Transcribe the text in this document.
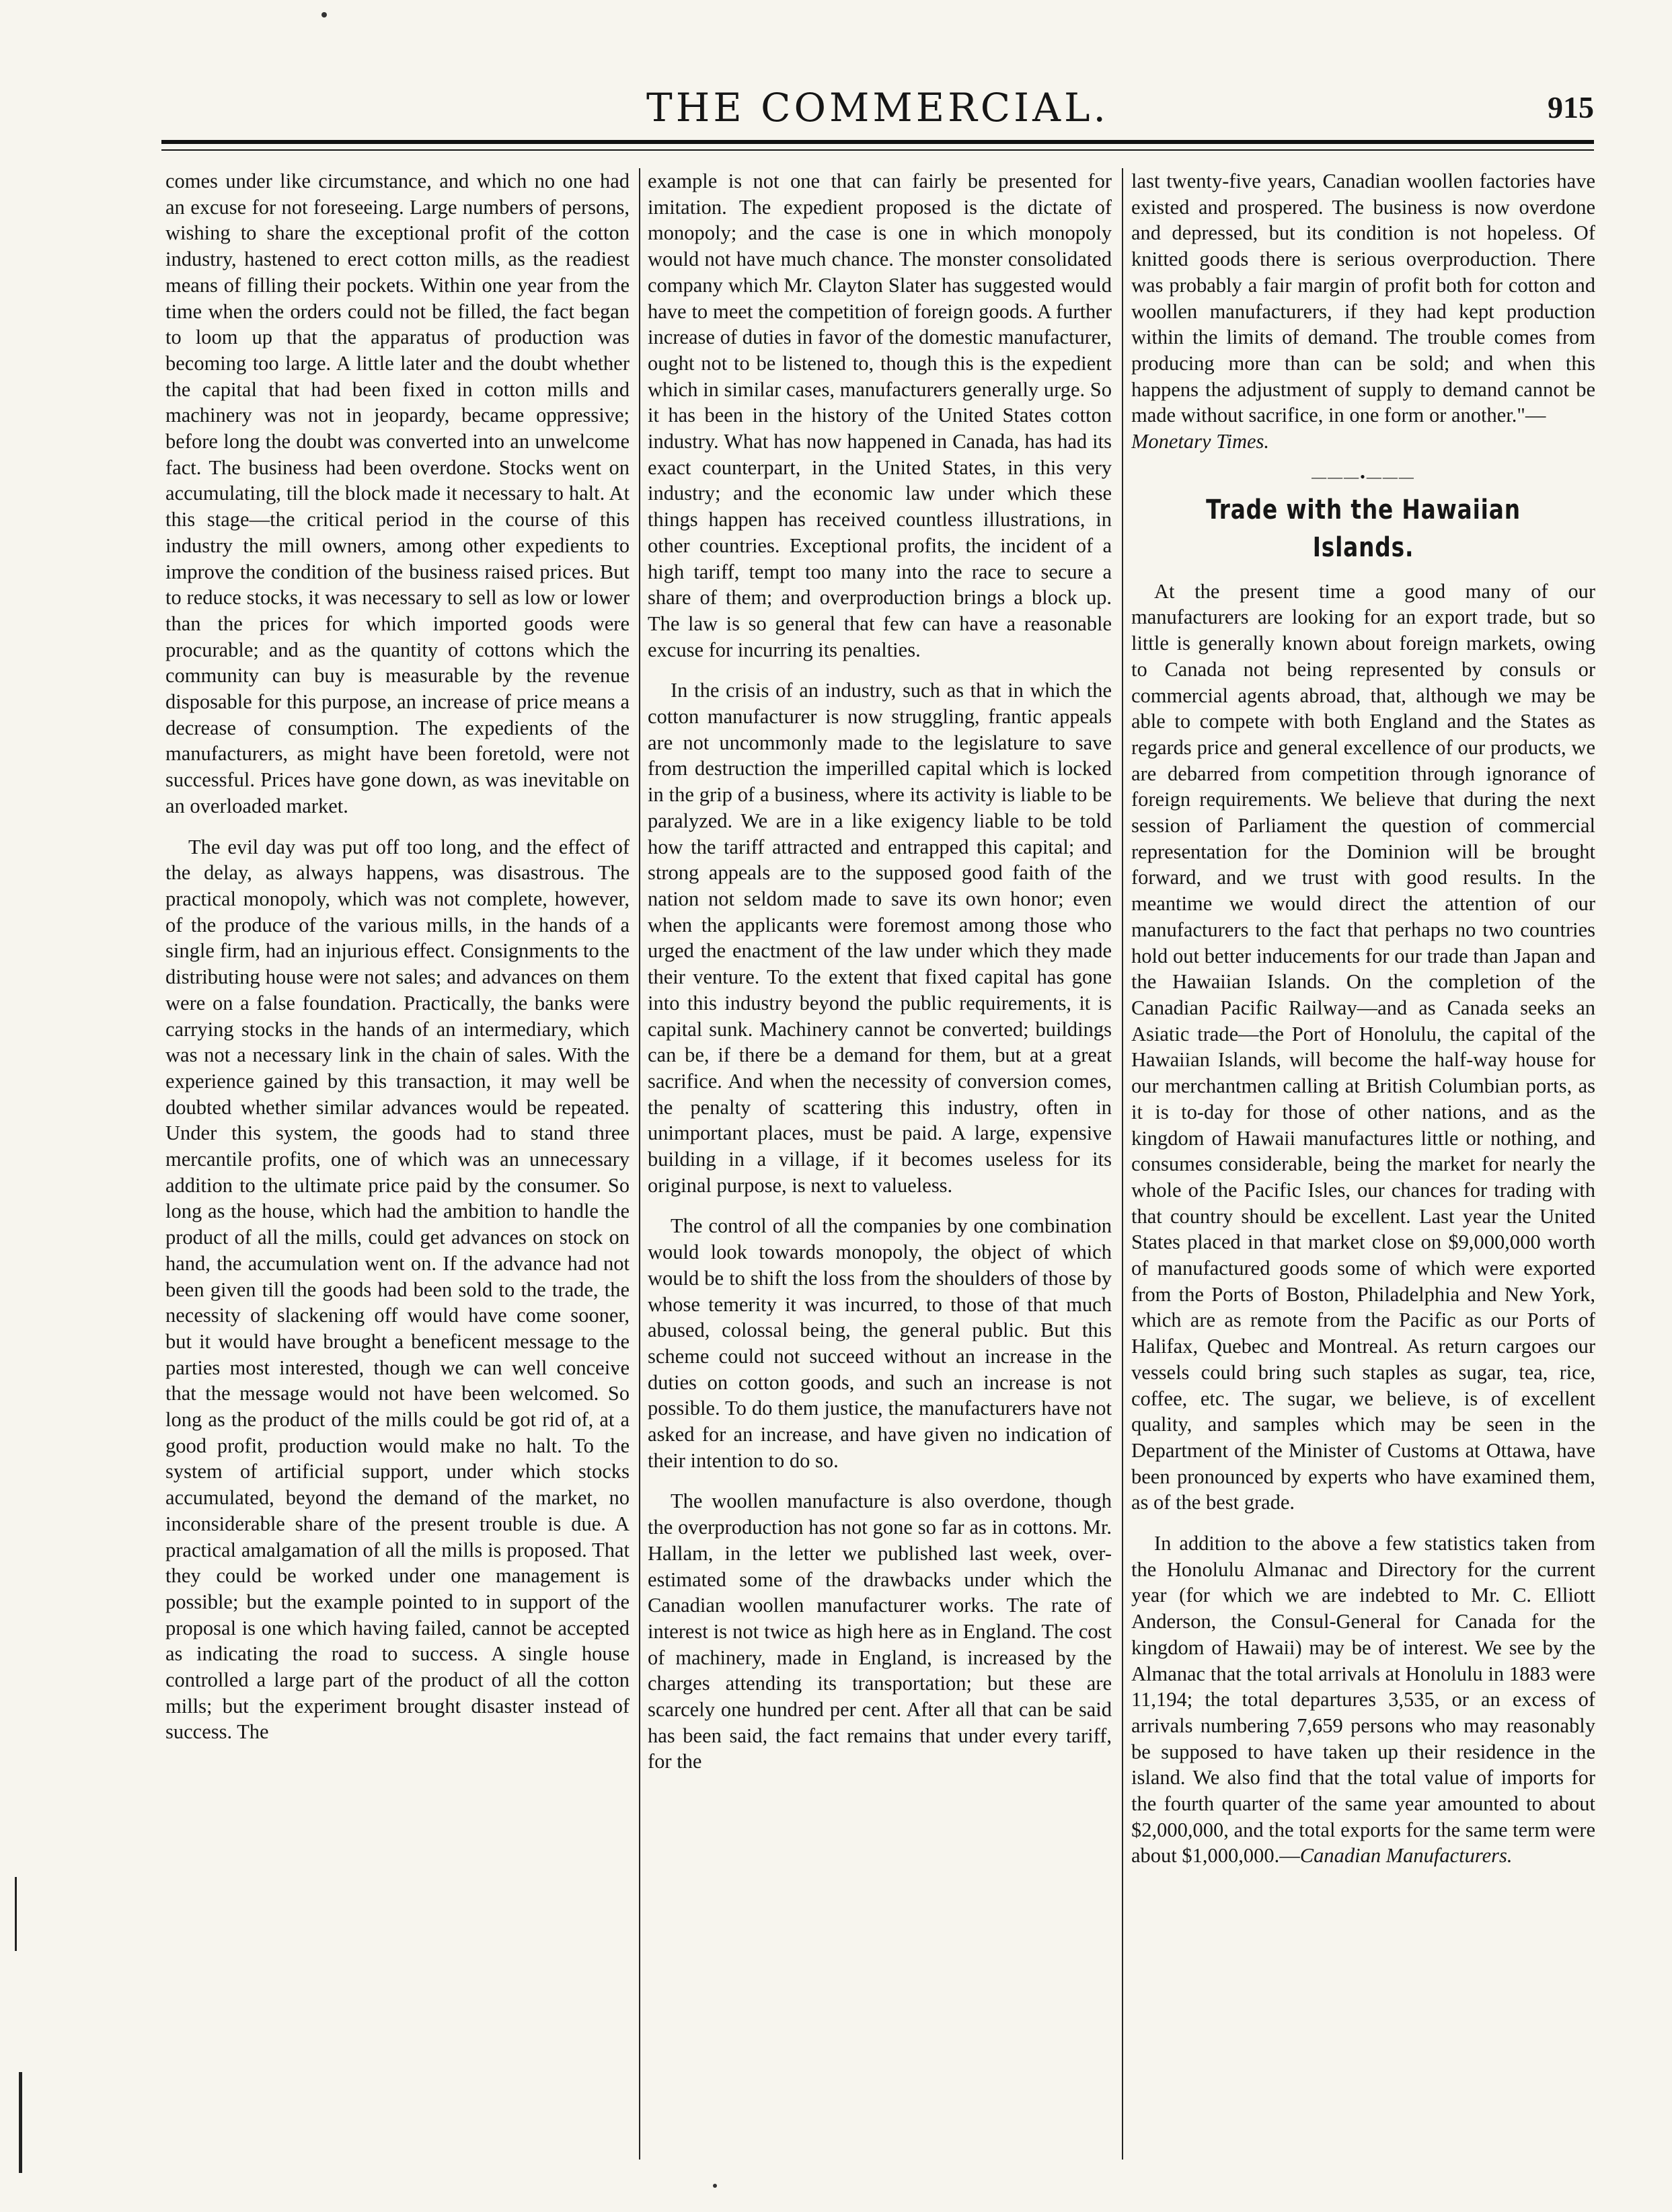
THE COMMERCIAL.	915

comes under like circumstance, and which no one had an excuse for not foreseeing. Large numbers of persons, wishing to share the exceptional profit of the cotton industry, hastened to erect cotton mills, as the readiest means of filling their pockets. Within one year from the time when the orders could not be filled, the fact began to loom up that the apparatus of production was becoming too large. A little later and the doubt whether the capital that had been fixed in cotton mills and machinery was not in jeopardy, became oppressive; before long the doubt was converted into an unwelcome fact. The business had been overdone. Stocks went on accumulating, till the block made it necessary to halt. At this stage—the critical period in the course of this industry the mill owners, among other expedients to improve the condition of the business raised prices. But to reduce stocks, it was necessary to sell as low or lower than the prices for which imported goods were procurable; and as the quantity of cottons which the community can buy is measurable by the revenue disposable for this purpose, an increase of price means a decrease of consumption. The expedients of the manufacturers, as might have been foretold, were not successful. Prices have gone down, as was inevitable on an overloaded market.

The evil day was put off too long, and the effect of the delay, as always happens, was disastrous. The practical monopoly, which was not complete, however, of the produce of the various mills, in the hands of a single firm, had an injurious effect. Consignments to the distributing house were not sales; and advances on them were on a false foundation. Practically, the banks were carrying stocks in the hands of an intermediary, which was not a necessary link in the chain of sales. With the experience gained by this transaction, it may well be doubted whether similar advances would be repeated. Under this system, the goods had to stand three mercantile profits, one of which was an unnecessary addition to the ultimate price paid by the consumer. So long as the house, which had the ambition to handle the product of all the mills, could get advances on stock on hand, the accumulation went on. If the advance had not been given till the goods had been sold to the trade, the necessity of slackening off would have come sooner, but it would have brought a beneficent message to the parties most interested, though we can well conceive that the message would not have been welcomed. So long as the product of the mills could be got rid of, at a good profit, production would make no halt. To the system of artificial support, under which stocks accumulated, beyond the demand of the market, no inconsiderable share of the present trouble is due. A practical amalgamation of all the mills is proposed. That they could be worked under one management is possible; but the example pointed to in support of the proposal is one which having failed, cannot be accepted as indicating the road to success. A single house controlled a large part of the product of all the cotton mills; but the experiment brought disaster instead of success. The

example is not one that can fairly be presented for imitation. The expedient proposed is the dictate of monopoly; and the case is one in which monopoly would not have much chance. The monster consolidated company which Mr. Clayton Slater has suggested would have to meet the competition of foreign goods. A further increase of duties in favor of the domestic manufacturer, ought not to be listened to, though this is the expedient which in similar cases, manufacturers generally urge. So it has been in the history of the United States cotton industry. What has now happened in Canada, has had its exact counterpart, in the United States, in this very industry; and the economic law under which these things happen has received countless illustrations, in other countries. Exceptional profits, the incident of a high tariff, tempt too many into the race to secure a share of them; and overproduction brings a block up. The law is so general that few can have a reasonable excuse for incurring its penalties.

In the crisis of an industry, such as that in which the cotton manufacturer is now struggling, frantic appeals are not uncommonly made to the legislature to save from destruction the imperilled capital which is locked in the grip of a business, where its activity is liable to be paralyzed. We are in a like exigency liable to be told how the tariff attracted and entrapped this capital; and strong appeals are to the supposed good faith of the nation not seldom made to save its own honor; even when the applicants were foremost among those who urged the enactment of the law under which they made their venture. To the extent that fixed capital has gone into this industry beyond the public requirements, it is capital sunk. Machinery cannot be converted; buildings can be, if there be a demand for them, but at a great sacrifice. And when the necessity of conversion comes, the penalty of scattering this industry, often in unimportant places, must be paid. A large, expensive building in a village, if it becomes useless for its original purpose, is next to valueless.

The control of all the companies by one combination would look towards monopoly, the object of which would be to shift the loss from the shoulders of those by whose temerity it was incurred, to those of that much abused, colossal being, the general public. But this scheme could not succeed without an increase in the duties on cotton goods, and such an increase is not possible. To do them justice, the manufacturers have not asked for an increase, and have given no indication of their intention to do so.

The woollen manufacture is also overdone, though the overproduction has not gone so far as in cottons. Mr. Hallam, in the letter we published last week, over-estimated some of the drawbacks under which the Canadian woollen manufacturer works. The rate of interest is not twice as high here as in England. The cost of machinery, made in England, is increased by the charges attending its transportation; but these are scarcely one hundred per cent. After all that can be said has been said, the fact remains that under every tariff, for the

last twenty-five years, Canadian woollen factories have existed and prospered. The business is now overdone and depressed, but its condition is not hopeless. Of knitted goods there is serious overproduction. There was probably a fair margin of profit both for cotton and woollen manufacturers, if they had kept production within the limits of demand. The trouble comes from producing more than can be sold; and when this happens the adjustment of supply to demand cannot be made without sacrifice, in one form or another."—
Monetary Times.

———•———
Trade with the Hawaiian Islands.

At the present time a good many of our manufacturers are looking for an export trade, but so little is generally known about foreign markets, owing to Canada not being represented by consuls or commercial agents abroad, that, although we may be able to compete with both England and the States as regards price and general excellence of our products, we are debarred from competition through ignorance of foreign requirements. We believe that during the next session of Parliament the question of commercial representation for the Dominion will be brought forward, and we trust with good results. In the meantime we would direct the attention of our manufacturers to the fact that perhaps no two countries hold out better inducements for our trade than Japan and the Hawaiian Islands. On the completion of the Canadian Pacific Railway—and as Canada seeks an Asiatic trade—the Port of Honolulu, the capital of the Hawaiian Islands, will become the half-way house for our merchantmen calling at British Columbian ports, as it is to-day for those of other nations, and as the kingdom of Hawaii manufactures little or nothing, and consumes considerable, being the market for nearly the whole of the Pacific Isles, our chances for trading with that country should be excellent. Last year the United States placed in that market close on $9,000,000 worth of manufactured goods some of which were exported from the Ports of Boston, Philadelphia and New York, which are as remote from the Pacific as our Ports of Halifax, Quebec and Montreal. As return cargoes our vessels could bring such staples as sugar, tea, rice, coffee, etc. The sugar, we believe, is of excellent quality, and samples which may be seen in the Department of the Minister of Customs at Ottawa, have been pronounced by experts who have examined them, as of the best grade.

In addition to the above a few statistics taken from the Honolulu Almanac and Directory for the current year (for which we are indebted to Mr. C. Elliott Anderson, the Consul-General for Canada for the kingdom of Hawaii) may be of interest. We see by the Almanac that the total arrivals at Honolulu in 1883 were 11,194; the total departures 3,535, or an excess of arrivals numbering 7,659 persons who may reasonably be supposed to have taken up their residence in the island. We also find that the total value of imports for the fourth quarter of the same year amounted to about $2,000,000, and the total exports for the same term were about $1,000,000.—Canadian Manufacturers.
